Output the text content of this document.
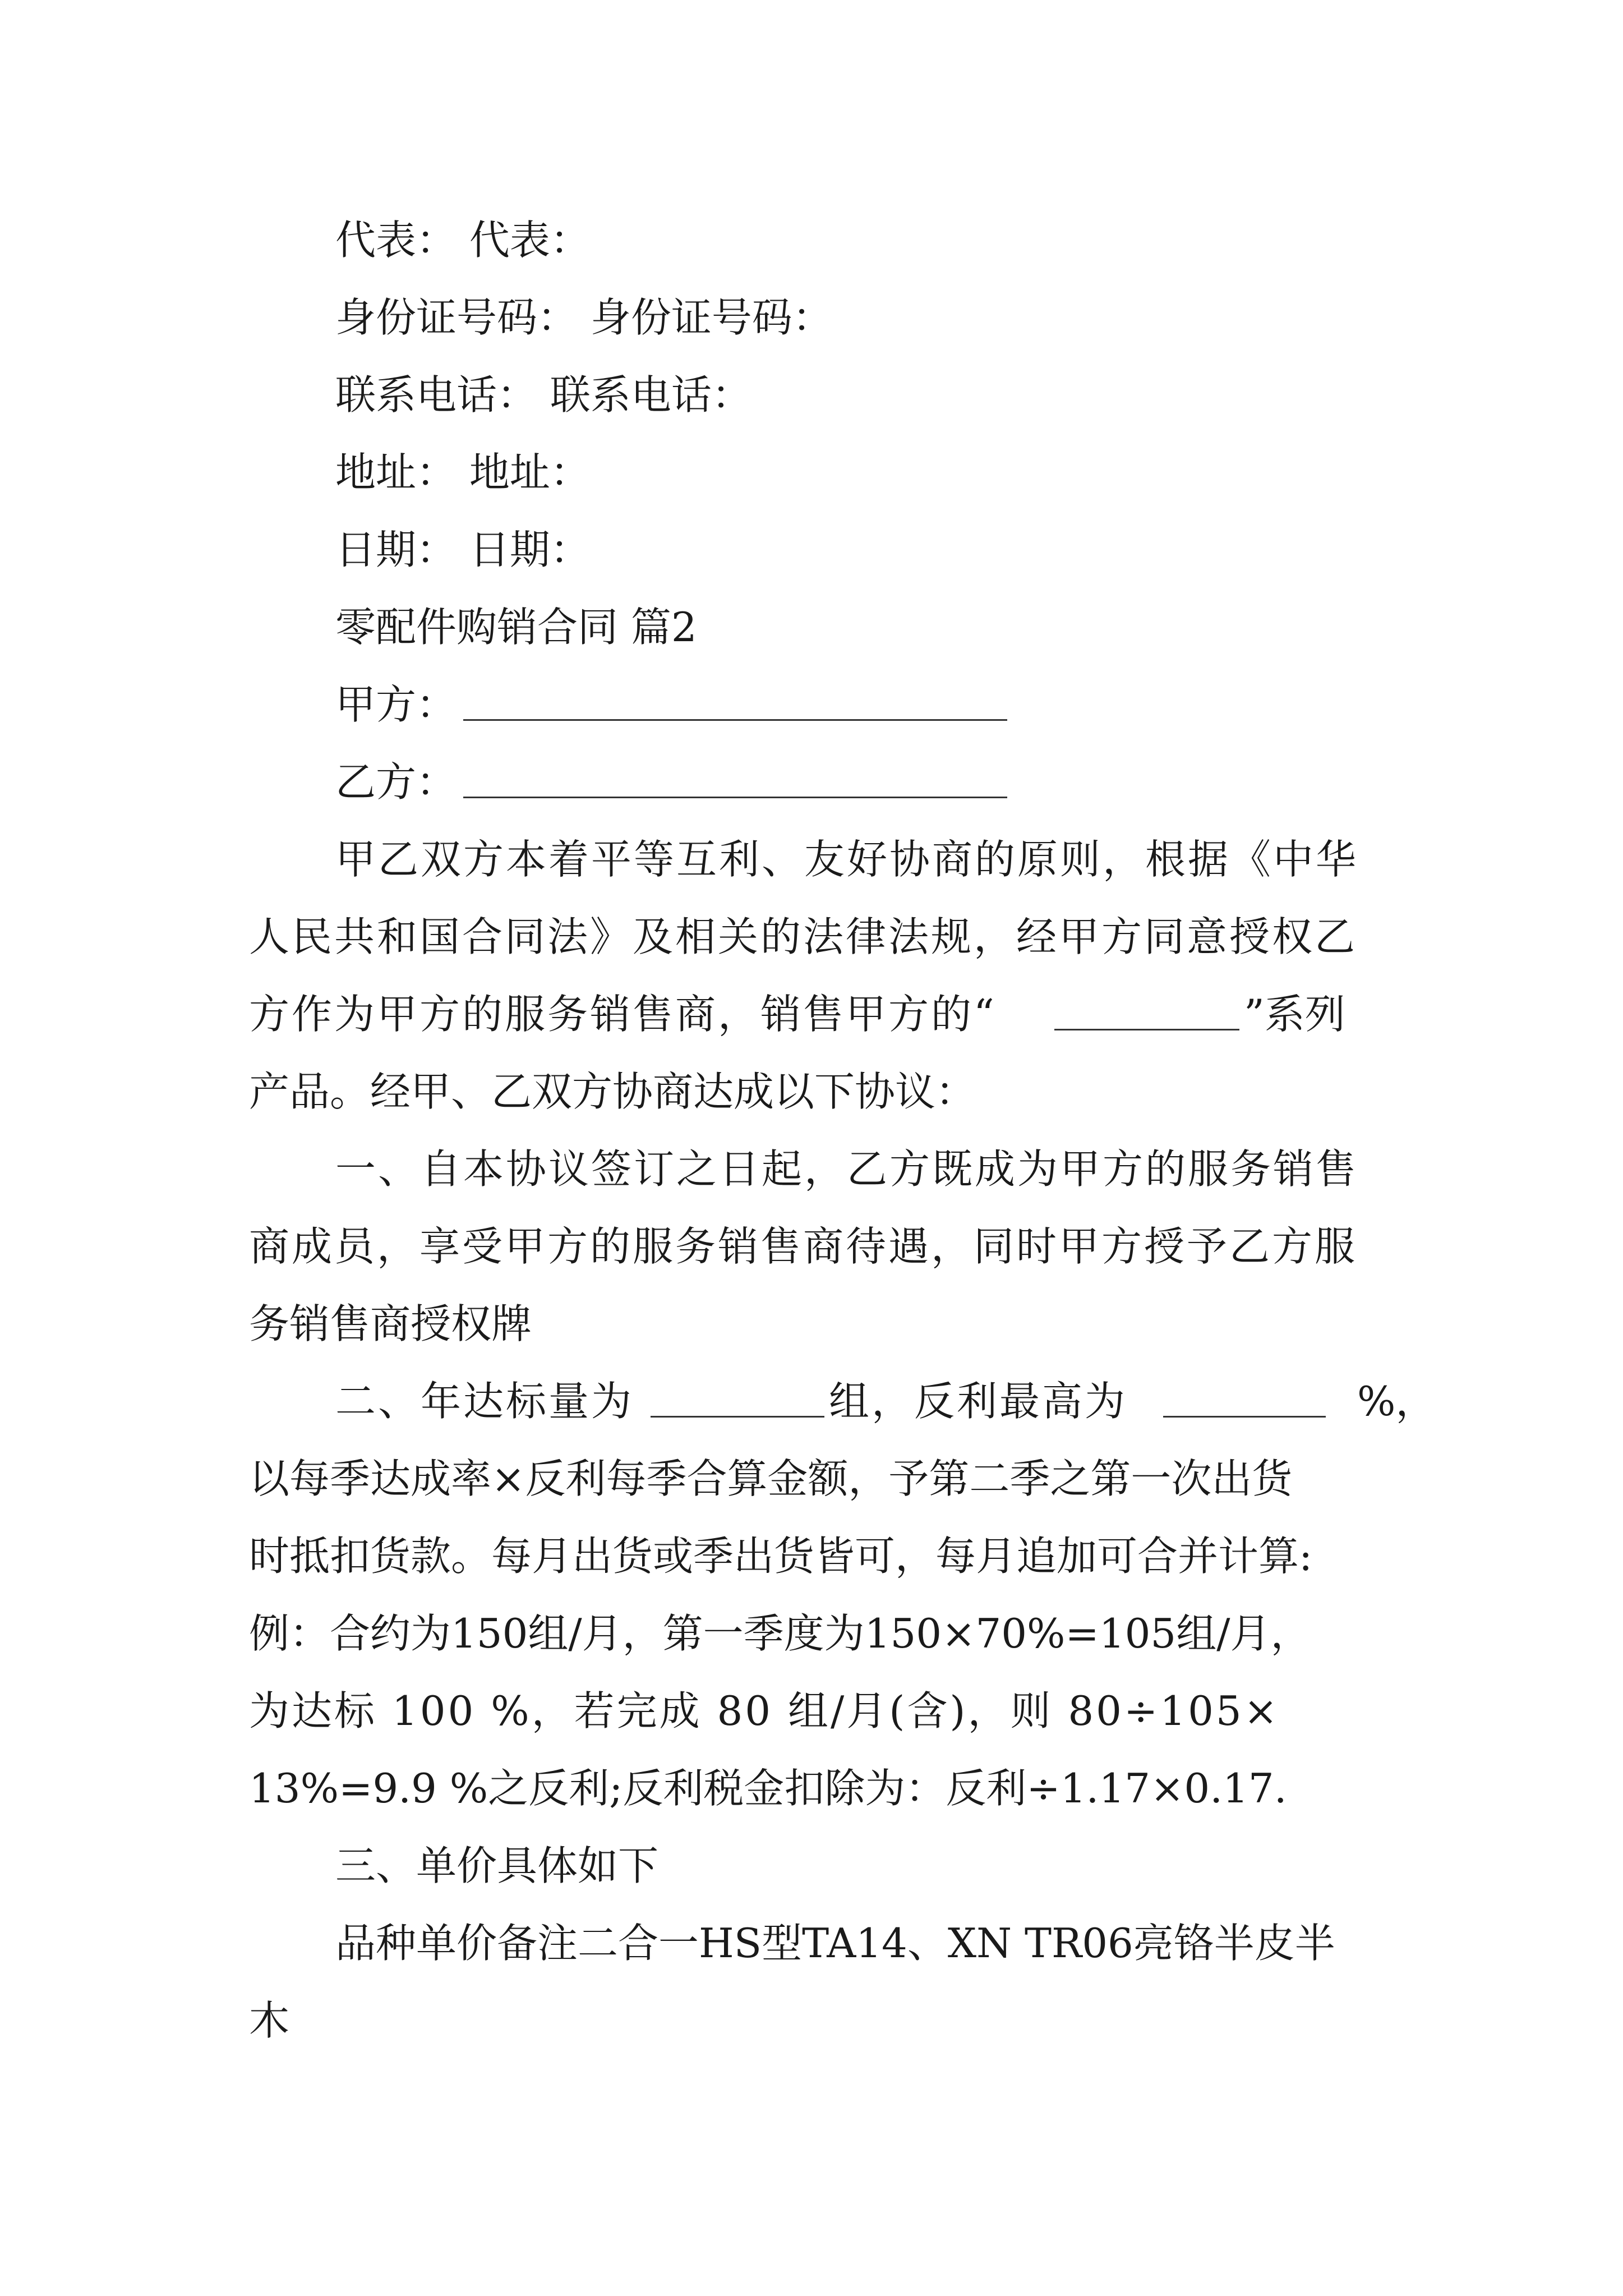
代表： 代表：
身份证号码： 身份证号码：
联系电话： 联系电话：
地址： 地址：
日期： 日期：
零配件购销合同 篇2
甲方：
乙方：
甲乙双方本着平等互利、友好协商的原则，根据《中华
人民共和国合同法》及相关的法律法规，经甲方同意授权乙
方作为甲方的服务销售商，销售甲方的“	”系列
产品。经甲、乙双方协商达成以下协议：
一、自本协议签订之日起，乙方既成为甲方的服务销售
商成员，享受甲方的服务销售商待遇，同时甲方授予乙方服
务销售商授权牌
二、年达标量为	组，反利最高为	%，
以每季达成率×反利每季合算金额，予第二季之第一次出货
时抵扣货款。每月出货或季出货皆可，每月追加可合并计算:
例：合约为150组/月，第一季度为150×70%=105组/月，
为达标 100 %，若完成 80 组/月(含)，则 80÷105×
13%=9.9 %之反利;反利税金扣除为：反利÷1.17×0.17.
三、单价具体如下
品种单价备注二合一HS型TA14、XN TR06亮铬半皮半
木
